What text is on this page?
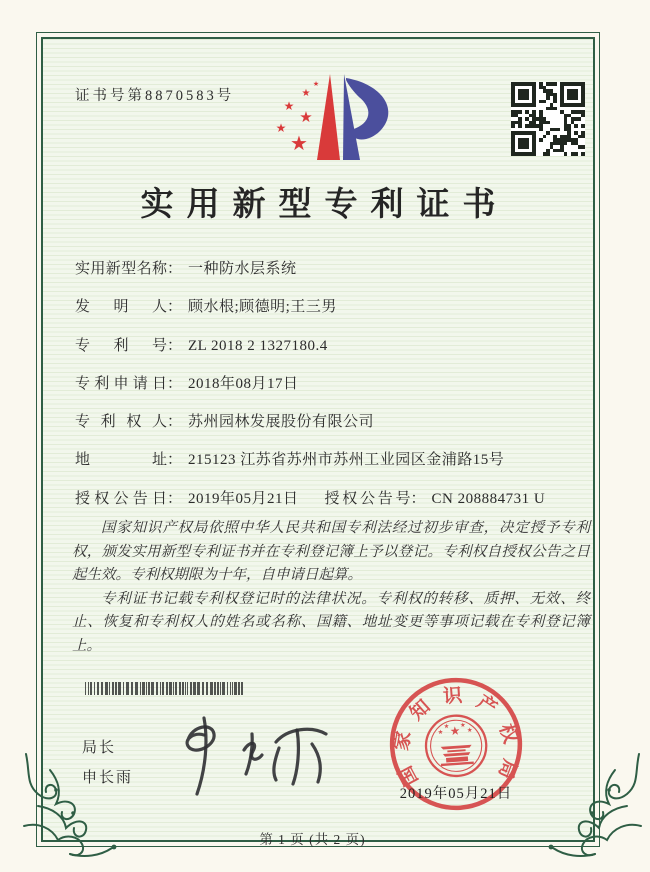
证书号第8870583号
★
★
★
★
★
★
实用新型专利证书
实用新型名称： 一种防水层系统
发明人： 顾水根;顾德明;王三男
专利号： ZL 2018 2 1327180.4
专利申请日： 2018年08月17日
专利权人： 苏州园林发展股份有限公司
地址： 215123 江苏省苏州市苏州工业园区金浦路15号
授权公告日： 2019年05月21日 授权公告号： CN 208884731 U

国家知识产权局依照中华人民共和国专利法经过初步审查，决定授予专利权，颁发实用新型专利证书并在专利登记簿上予以登记。专利权自授权公告之日起生效。专利权期限为十年，自申请日起算。

专利证书记载专利权登记时的法律状况。专利权的转移、质押、无效、终止、恢复和专利权人的姓名或名称、国籍、地址变更等事项记载在专利登记簿上。

★
★
★ ★
★
国
家
知 识 产
权
局
2019年05月21日
局长
申长雨
第 1 页 (共 2 页)
